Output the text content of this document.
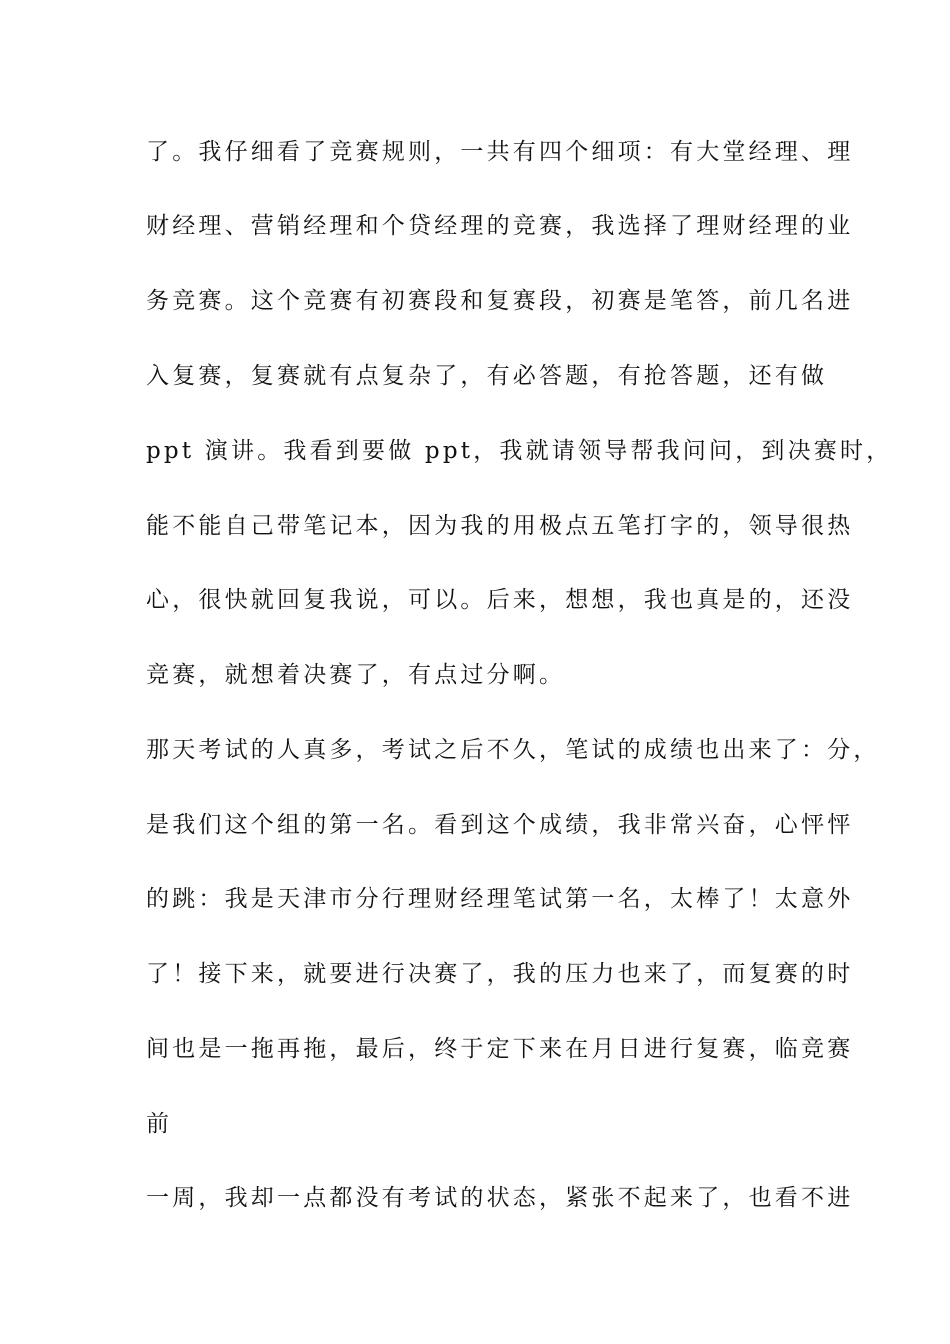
了。我仔细看了竞赛规则，一共有四个细项：有大堂经理、理
财经理、营销经理和个贷经理的竞赛，我选择了理财经理的业
务竞赛。这个竞赛有初赛段和复赛段，初赛是笔答，前几名进
入复赛，复赛就有点复杂了，有必答题，有抢答题，还有做
ppt 演讲。我看到要做 ppt，我就请领导帮我问问，到决赛时，
能不能自己带笔记本，因为我的用极点五笔打字的，领导很热
心，很快就回复我说，可以。后来，想想，我也真是的，还没
竞赛，就想着决赛了，有点过分啊。
那天考试的人真多，考试之后不久，笔试的成绩也出来了：分，
是我们这个组的第一名。看到这个成绩，我非常兴奋，心怦怦
的跳：我是天津市分行理财经理笔试第一名，太棒了！太意外
了！接下来，就要进行决赛了，我的压力也来了，而复赛的时
间也是一拖再拖，最后，终于定下来在月日进行复赛，临竞赛
前
一周，我却一点都没有考试的状态，紧张不起来了，也看不进
